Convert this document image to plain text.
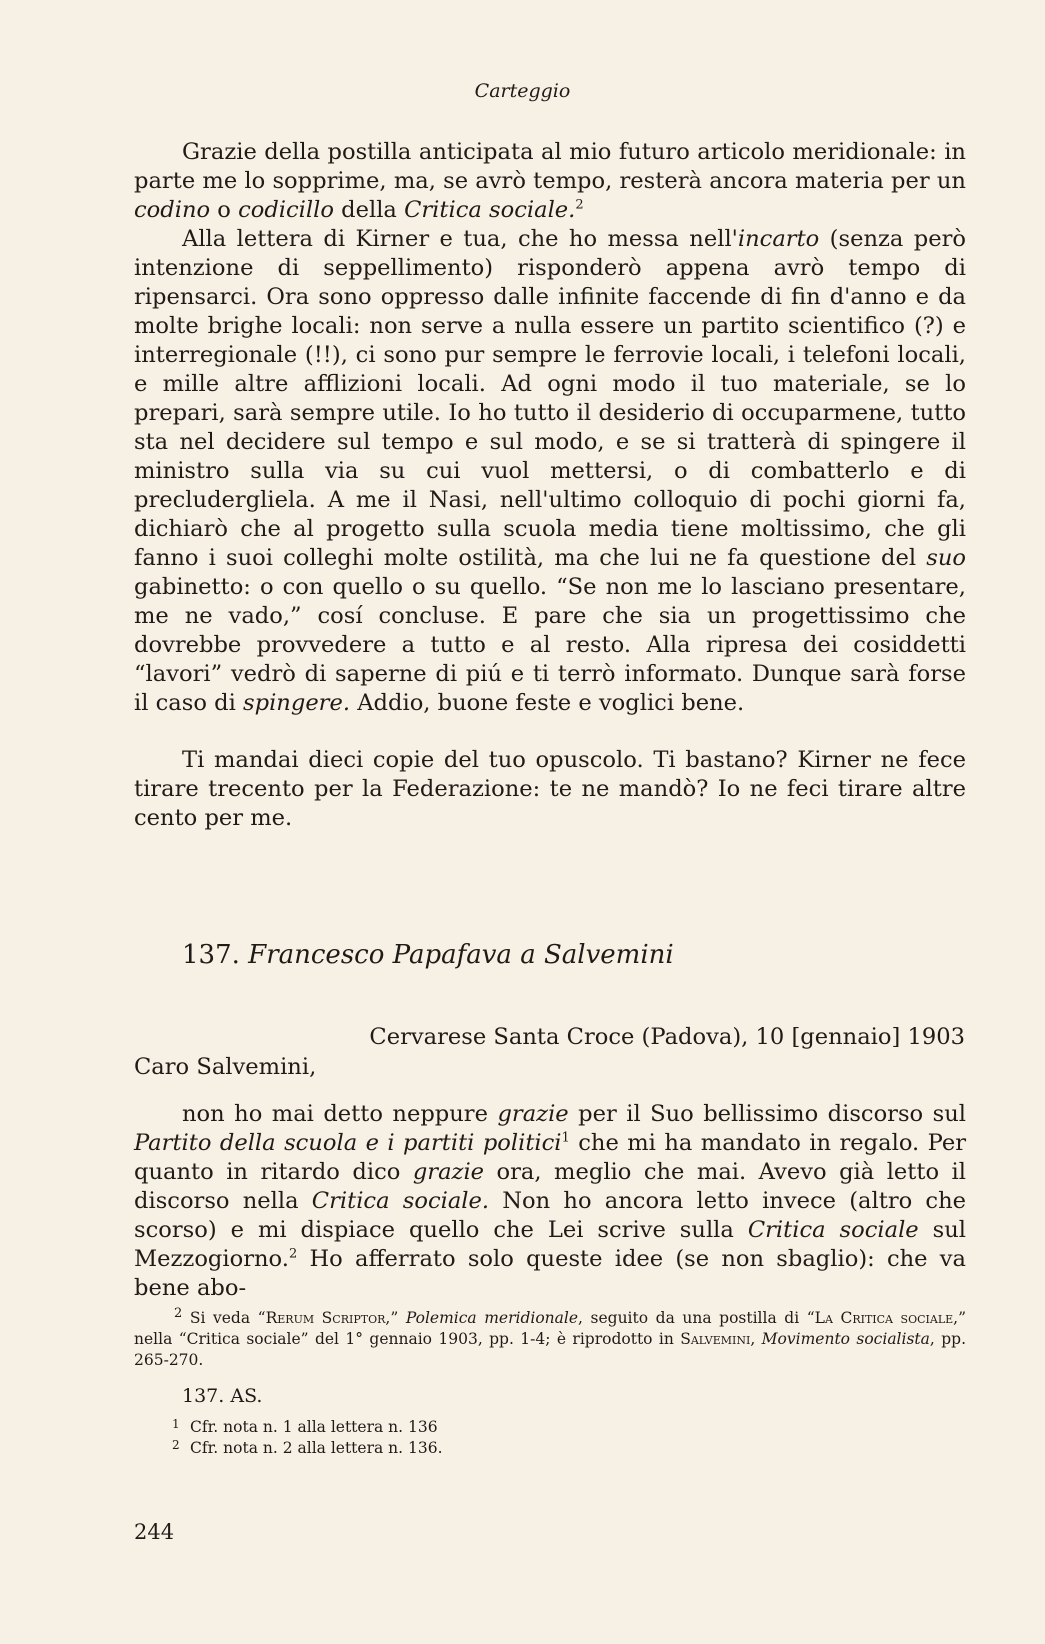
Carteggio

Grazie della postilla anticipata al mio futuro articolo meridionale: in parte me lo sopprime, ma, se avrò tempo, resterà ancora materia per un codino o codicillo della Critica sociale.$^2$

Alla lettera di Kirner e tua, che ho messa nell'incarto (senza però intenzione di seppellimento) risponderò appena avrò tempo di ripensarci. Ora sono oppresso dalle infinite faccende di fin d'anno e da molte brighe locali: non serve a nulla essere un partito scientifico (?) e interregionale (!!), ci sono pur sempre le ferrovie locali, i telefoni locali, e mille altre afflizioni locali. Ad ogni modo il tuo materiale, se lo prepari, sarà sempre utile. Io ho tutto il desiderio di occuparmene, tutto sta nel decidere sul tempo e sul modo, e se si tratterà di spingere il ministro sulla via su cui vuol mettersi, o di combatterlo e di precludergliela. A me il Nasi, nell'ultimo colloquio di pochi giorni fa, dichiarò che al progetto sulla scuola media tiene moltissimo, che gli fanno i suoi colleghi molte ostilità, ma che lui ne fa questione del suo gabinetto: o con quello o su quello. “Se non me lo lasciano presentare, me ne vado,” cosí concluse. E pare che sia un progettissimo che dovrebbe provvedere a tutto e al resto. Alla ripresa dei cosiddetti “lavori” vedrò di saperne di piú e ti terrò informato. Dunque sarà forse il caso di spingere. Addio, buone feste e voglici bene.

Ti mandai dieci copie del tuo opuscolo. Ti bastano? Kirner ne fece tirare trecento per la Federazione: te ne mandò? Io ne feci tirare altre cento per me.

137. Francesco Papafava a Salvemini
Cervarese Santa Croce (Padova), 10 [gennaio] 1903
Caro Salvemini,

non ho mai detto neppure grazie per il Suo bellissimo discorso sul Partito della scuola e i partiti politici$^1$ che mi ha mandato in regalo. Per quanto in ritardo dico grazie ora, meglio che mai. Avevo già letto il discorso nella Critica sociale. Non ho ancora letto invece (altro che scorso) e mi dispiace quello che Lei scrive sulla Critica sociale sul Mezzogiorno.$^2$ Ho afferrato solo queste idee (se non sbaglio): che va bene abo-

$^2$ Si veda “Rerum Scriptor,” Polemica meridionale, seguito da una postilla di “La Critica sociale,” nella “Critica sociale” del 1° gennaio 1903, pp. 1-4; è riprodotto in Salvemini, Movimento socialista, pp. 265-270.

137. AS.
1 Cfr. nota n. 1 alla lettera n. 136
2 Cfr. nota n. 2 alla lettera n. 136.
244
